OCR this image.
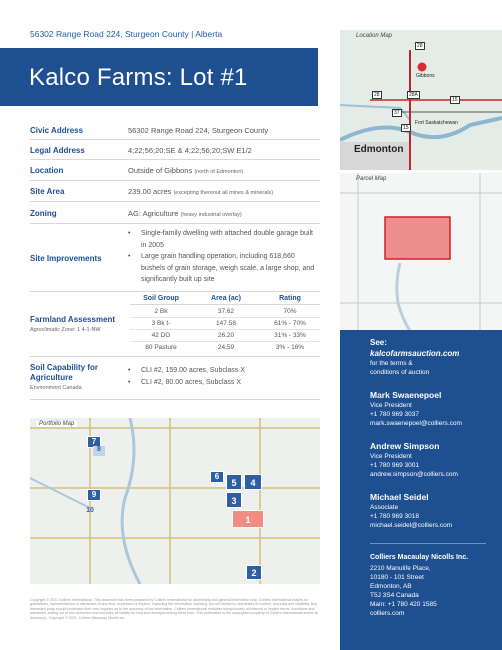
56302 Range Road 224, Sturgeon County | Alberta
Kalco Farms: Lot #1
Location Map
28
28	28A
15
37
15
Gibbons
Fort Saskatchewan
Edmonton
Parcel Map
Civic Address	56302 Range Road 224, Sturgeon County
Legal Address	4;22;56;20;SE & 4;22;56;20;SW E1/2
Location	Outside of Gibbons (north of Edmonton)
Site Area	239.00 acres (excepting thereout all mines & minerals)
Zoning	AG: Agriculture (heavy industrial overlay)
Site Improvements
• Single-family dwelling with attached double garage built in 2005
• Large grain handling operation, including 618,660 bushels of grain storage, weigh scale, a large shop, and significantly built up site
Farmland Assessment
Agroclimatic Zone: 1 4-1-NW
Soil Group	Area (ac)	Rating
2 Bk	37.62	70%
3 Bk t-	147.58	61% - 70%
42 DG	26.20	31% - 33%
80 Pasture	24.59	3% - 16%
Soil Capability for
Agriculture
Environment Canada
• CLI #2, 159.00 acres, Subclass X
• CLI #2, 80.00 acres, Subclass X
See:
kalcofarmsauction.com
for the terms &
conditions of auction
Mark Swaenepoel
Vice President
+1 780 969 3037
mark.swaenepoel@colliers.com
Andrew Simpson
Vice President
+1 780 969 3001
andrew.simpson@colliers.com
Michael Seidel
Associate
+1 780 969 3018
michael.seidel@colliers.com
Colliers Macaulay Nicolls Inc.
2210 Manulife Place,
10180 - 101 Street
Edmonton, AB
T5J 3S4 Canada
Main: +1 780 420 1585
colliers.com
Portfolio Map
7
8
9
10
6
5	4
3
1
2
Copyright © 2021 Colliers International. This document has been prepared by Colliers International for advertising and general information only. Colliers International makes no guarantees, representations or warranties of any kind, expressed or implied, regarding the information including, but not limited to, warranties of content, accuracy and reliability. Any interested party should undertake their own inquiries as to the accuracy of the information. Colliers International excludes unequivocally all inferred or implied terms, conditions and warranties arising out of this document and excludes all liability for loss and damages arising there from. This publication is the copyrighted property of Colliers International and/or its licensor(s). Copyright © 2021. Colliers Macaulay Nicolls Inc.
